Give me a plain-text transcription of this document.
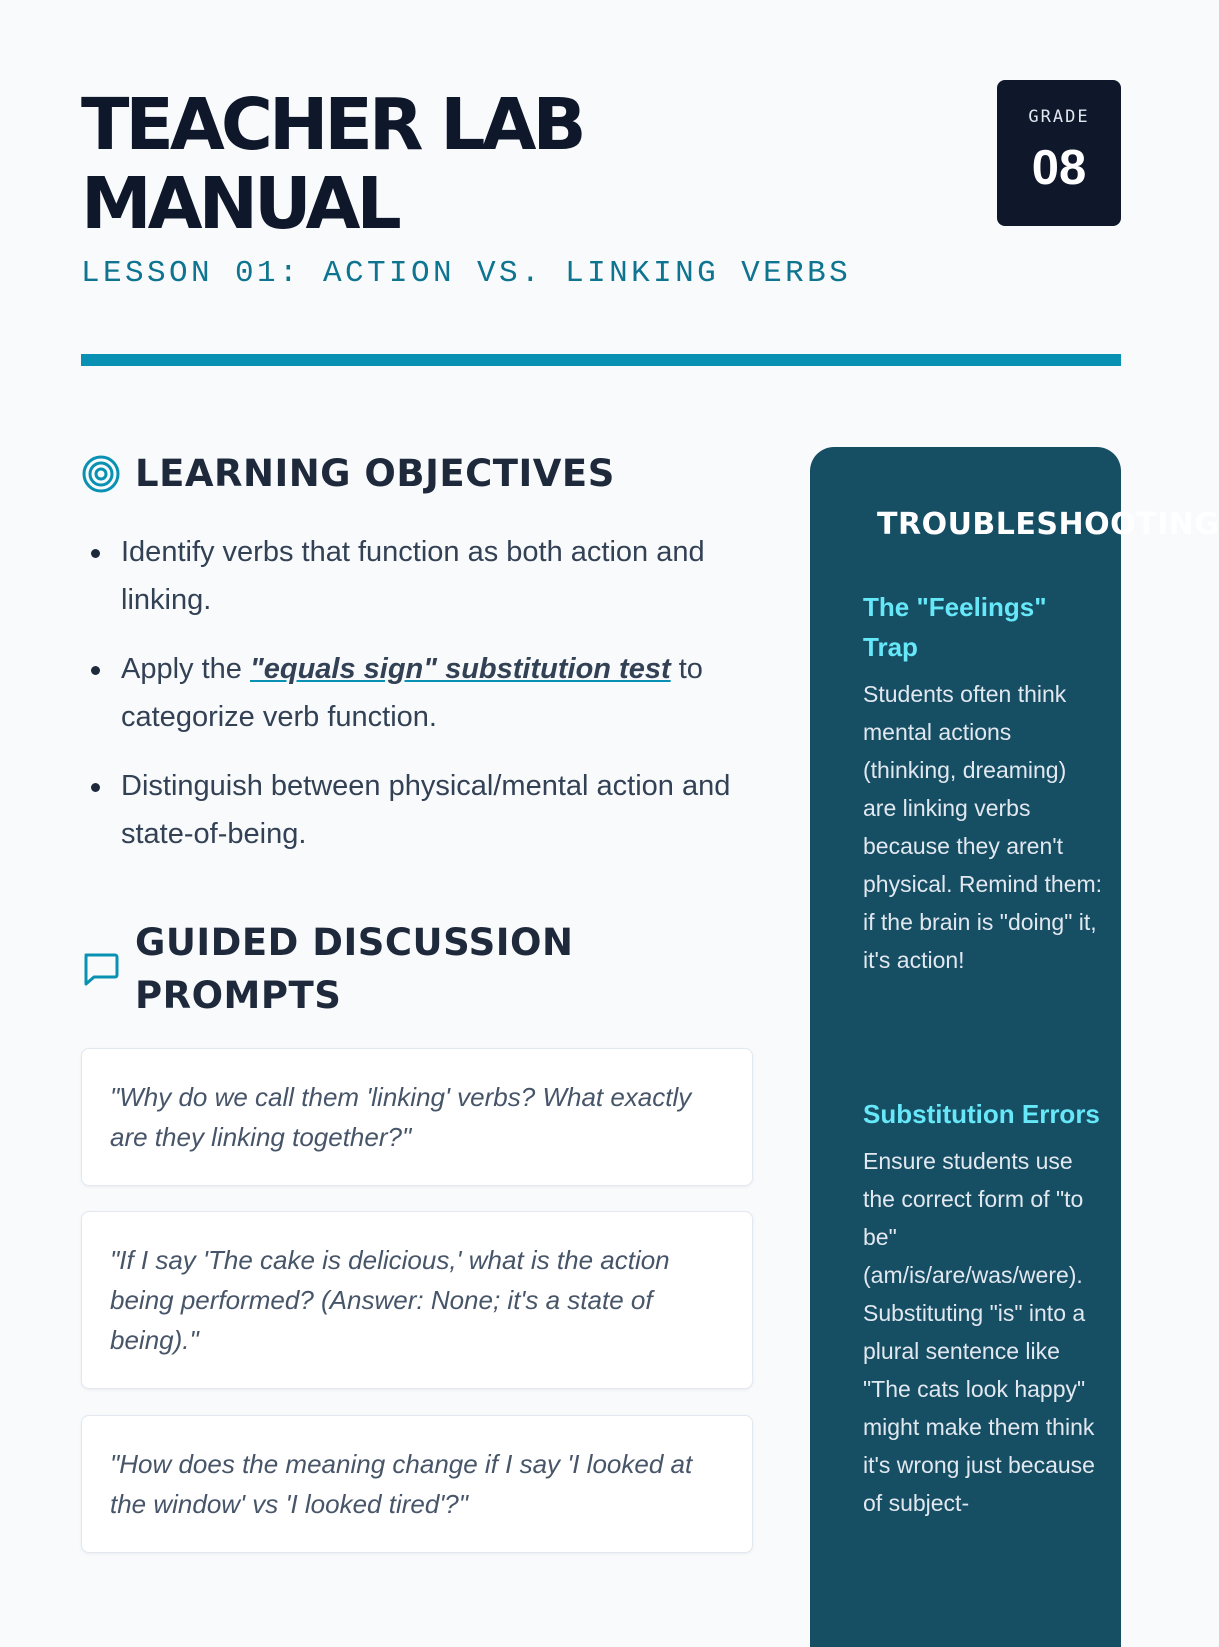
TEACHER LAB MANUAL

LESSON 01: ACTION VS. LINKING VERBS

GRADE
08
LEARNING OBJECTIVES
Identify verbs that function as both action and linking.
Apply the "equals sign" substitution test to categorize verb function.
Distinguish between physical/mental action and state-of-being.
GUIDED DISCUSSION PROMPTS

"Why do we call them 'linking' verbs? What exactly are they linking together?"

"If I say 'The cake is delicious,' what is the action being performed? (Answer: None; it's a state of being)."

"How does the meaning change if I say 'I looked at the window' vs 'I looked tired'?"

TROUBLESHOOTING
The "Feelings" Trap

Students often think mental actions (thinking, dreaming) are linking verbs because they aren't physical. Remind them: if the brain is "doing" it, it's action!

Substitution Errors

Ensure students use the correct form of "to be" (am/is/are/was/were). Substituting "is" into a plural sentence like "The cats look happy" might make them think it's wrong just because of subject-
